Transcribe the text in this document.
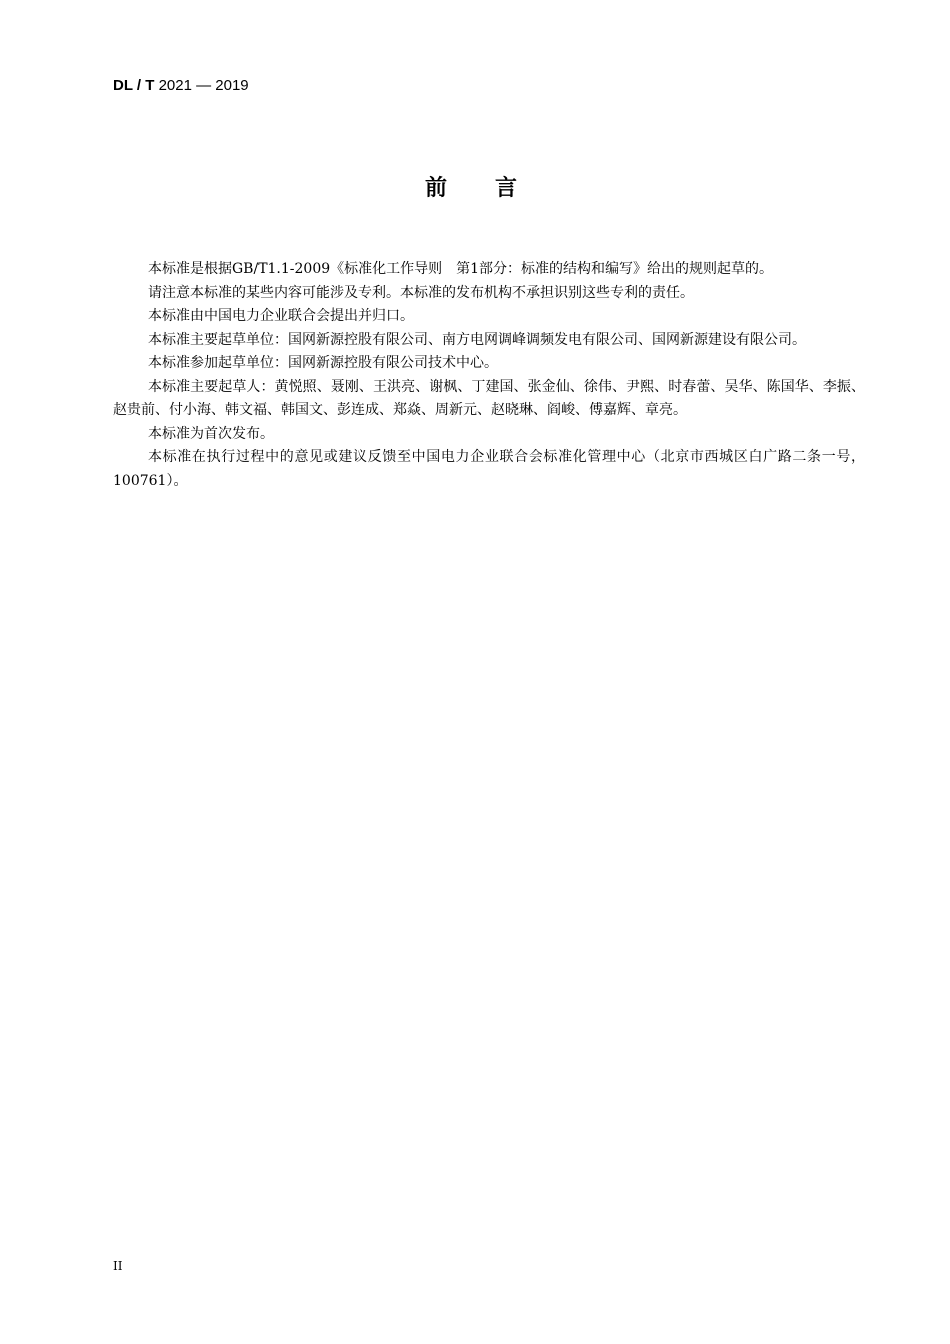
DL / T 2021 — 2019
前言

本标准是根据GB/T1.1-2009《标准化工作导则　第1部分：标准的结构和编写》给出的规则起草的。

请注意本标准的某些内容可能涉及专利。本标准的发布机构不承担识别这些专利的责任。

本标准由中国电力企业联合会提出并归口。

本标准主要起草单位：国网新源控股有限公司、南方电网调峰调频发电有限公司、国网新源建设有限公司。

本标准参加起草单位：国网新源控股有限公司技术中心。

本标准主要起草人：黄悦照、聂刚、王洪亮、谢枫、丁建国、张金仙、徐伟、尹熙、时春蕾、吴华、陈国华、李振、赵贵前、付小海、韩文福、韩国文、彭连成、郑焱、周新元、赵晓琳、阎峻、傅嘉辉、章亮。

本标准为首次发布。

本标准在执行过程中的意见或建议反馈至中国电力企业联合会标准化管理中心（北京市西城区白广路二条一号，100761）。

II
